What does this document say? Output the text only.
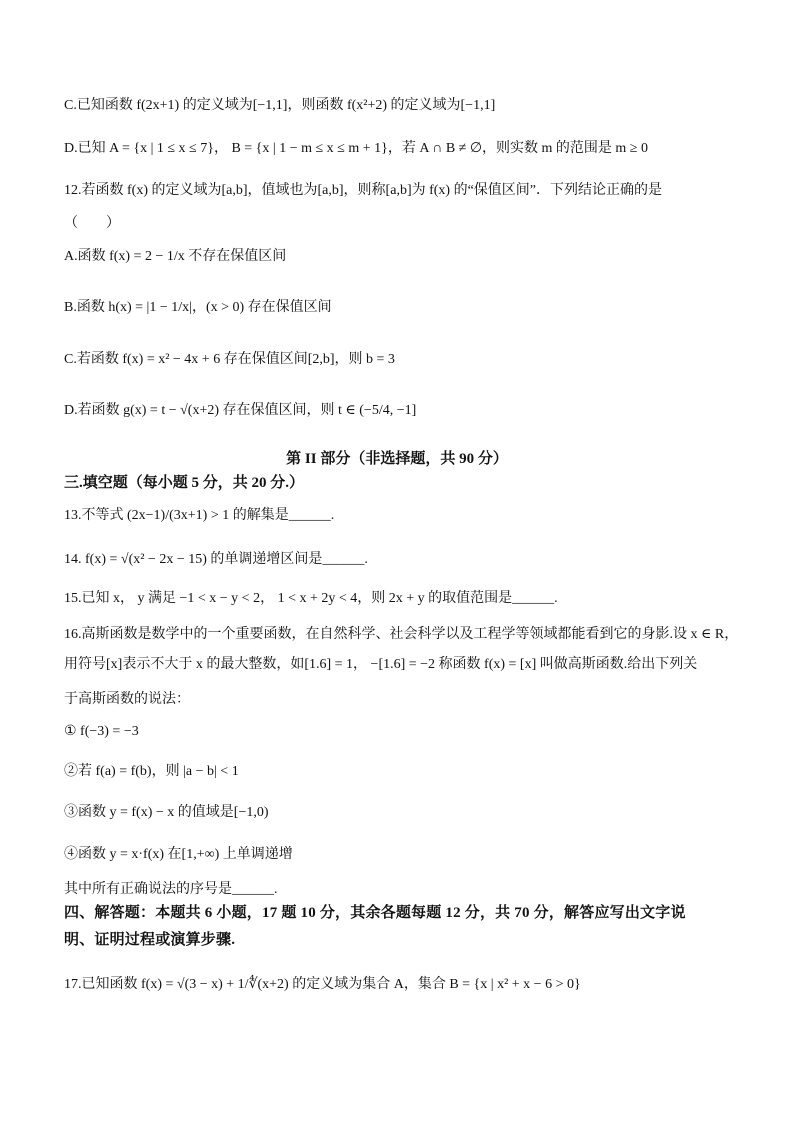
C.已知函数 f(2x+1) 的定义域为[−1,1]，则函数 f(x²+2) 的定义域为[−1,1]
D.已知 A = {x | 1 ≤ x ≤ 7}， B = {x | 1 − m ≤ x ≤ m + 1}，若 A ∩ B ≠ ∅，则实数 m 的范围是 m ≥ 0
12.若函数 f(x) 的定义域为[a,b]，值域也为[a,b]，则称[a,b]为 f(x) 的“保值区间”．下列结论正确的是
（　　）
A.函数 f(x) = 2 − 1/x 不存在保值区间
B.函数 h(x) = |1 − 1/x|，(x > 0) 存在保值区间
C.若函数 f(x) = x² − 4x + 6 存在保值区间[2,b]，则 b = 3
D.若函数 g(x) = t − √(x+2) 存在保值区间，则 t ∈ (−5/4, −1]
第 II 部分（非选择题，共 90 分）
三.填空题（每小题 5 分，共 20 分.）
13.不等式 (2x−1)/(3x+1) > 1 的解集是______.
14. f(x) = √(x² − 2x − 15) 的单调递增区间是______.
15.已知 x， y 满足 −1 < x − y < 2， 1 < x + 2y < 4，则 2x + y 的取值范围是______.
16.高斯函数是数学中的一个重要函数，在自然科学、社会科学以及工程学等领域都能看到它的身影.设 x ∈ R，
用符号[x]表示不大于 x 的最大整数，如[1.6] = 1， −[1.6] = −2 称函数 f(x) = [x] 叫做高斯函数.给出下列关
于高斯函数的说法：
① f(−3) = −3
②若 f(a) = f(b)，则 |a − b| < 1
③函数 y = f(x) − x 的值域是[−1,0)
④函数 y = x·f(x) 在[1,+∞) 上单调递增
其中所有正确说法的序号是______.
四、解答题：本题共 6 小题，17 题 10 分，其余各题每题 12 分，共 70 分，解答应写出文字说
明、证明过程或演算步骤.
17.已知函数 f(x) = √(3 − x) + 1/∜(x+2) 的定义域为集合 A，集合 B = {x | x² + x − 6 > 0}
